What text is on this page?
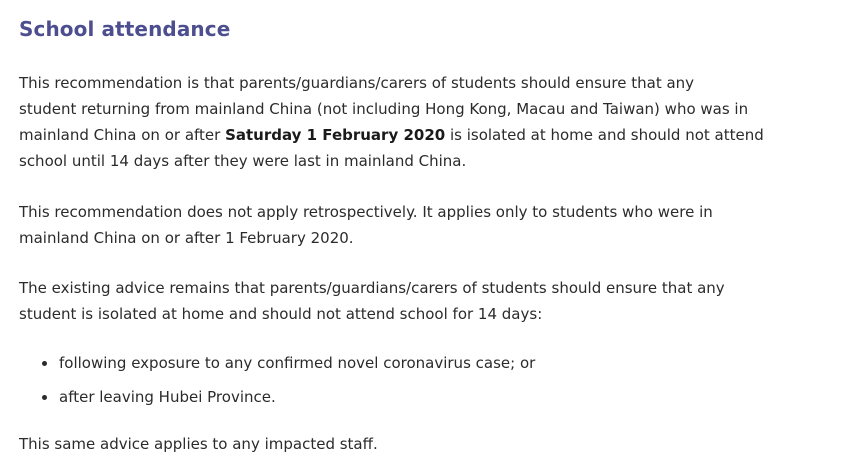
School attendance

This recommendation is that parents/guardians/carers of students should ensure that any
student returning from mainland China (not including Hong Kong, Macau and Taiwan) who was in
mainland China on or after Saturday 1 February 2020 is isolated at home and should not attend
school until 14 days after they were last in mainland China.

This recommendation does not apply retrospectively. It applies only to students who were in
mainland China on or after 1 February 2020.

The existing advice remains that parents/guardians/carers of students should ensure that any
student is isolated at home and should not attend school for 14 days:

following exposure to any confirmed novel coronavirus case; or
after leaving Hubei Province.

This same advice applies to any impacted staff.
